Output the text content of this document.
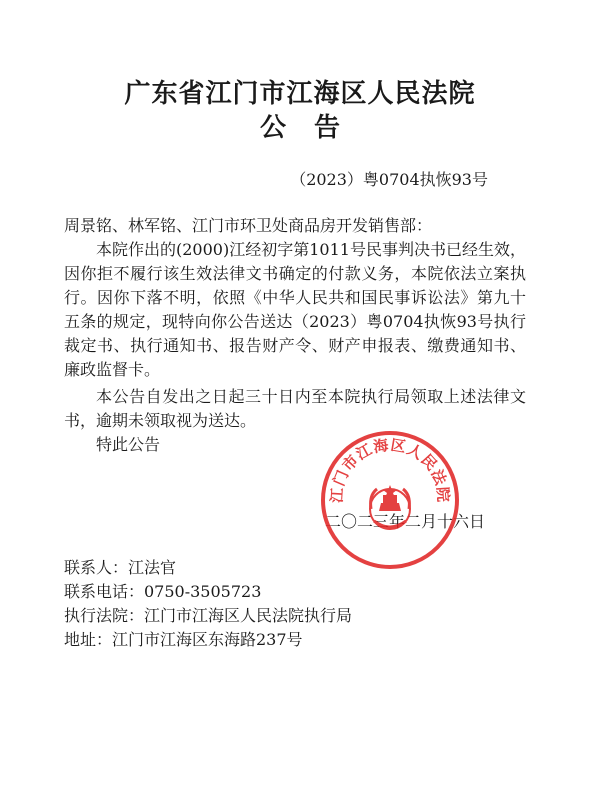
广东省江门市江海区人民法院
公告
（2023）粤0704执恢93号
周景铭、林军铭、江门市环卫处商品房开发销售部：

本院作出的(2000)江经初字第1011号民事判决书已经生效，因你拒不履行该生效法律文书确定的付款义务，本院依法立案执行。因你下落不明，依照《中华人民共和国民事诉讼法》第九十五条的规定，现特向你公告送达（2023）粤0704执恢93号执行裁定书、执行通知书、报告财产令、财产申报表、缴费通知书、廉政监督卡。

本公告自发出之日起三十日内至本院执行局领取上述法律文书，逾期未领取视为送达。

特此公告
二〇二三年二月十六日
江门市江海区人民法院
联系人：江法官
联系电话：0750-3505723
执行法院：江门市江海区人民法院执行局
地址：江门市江海区东海路237号
